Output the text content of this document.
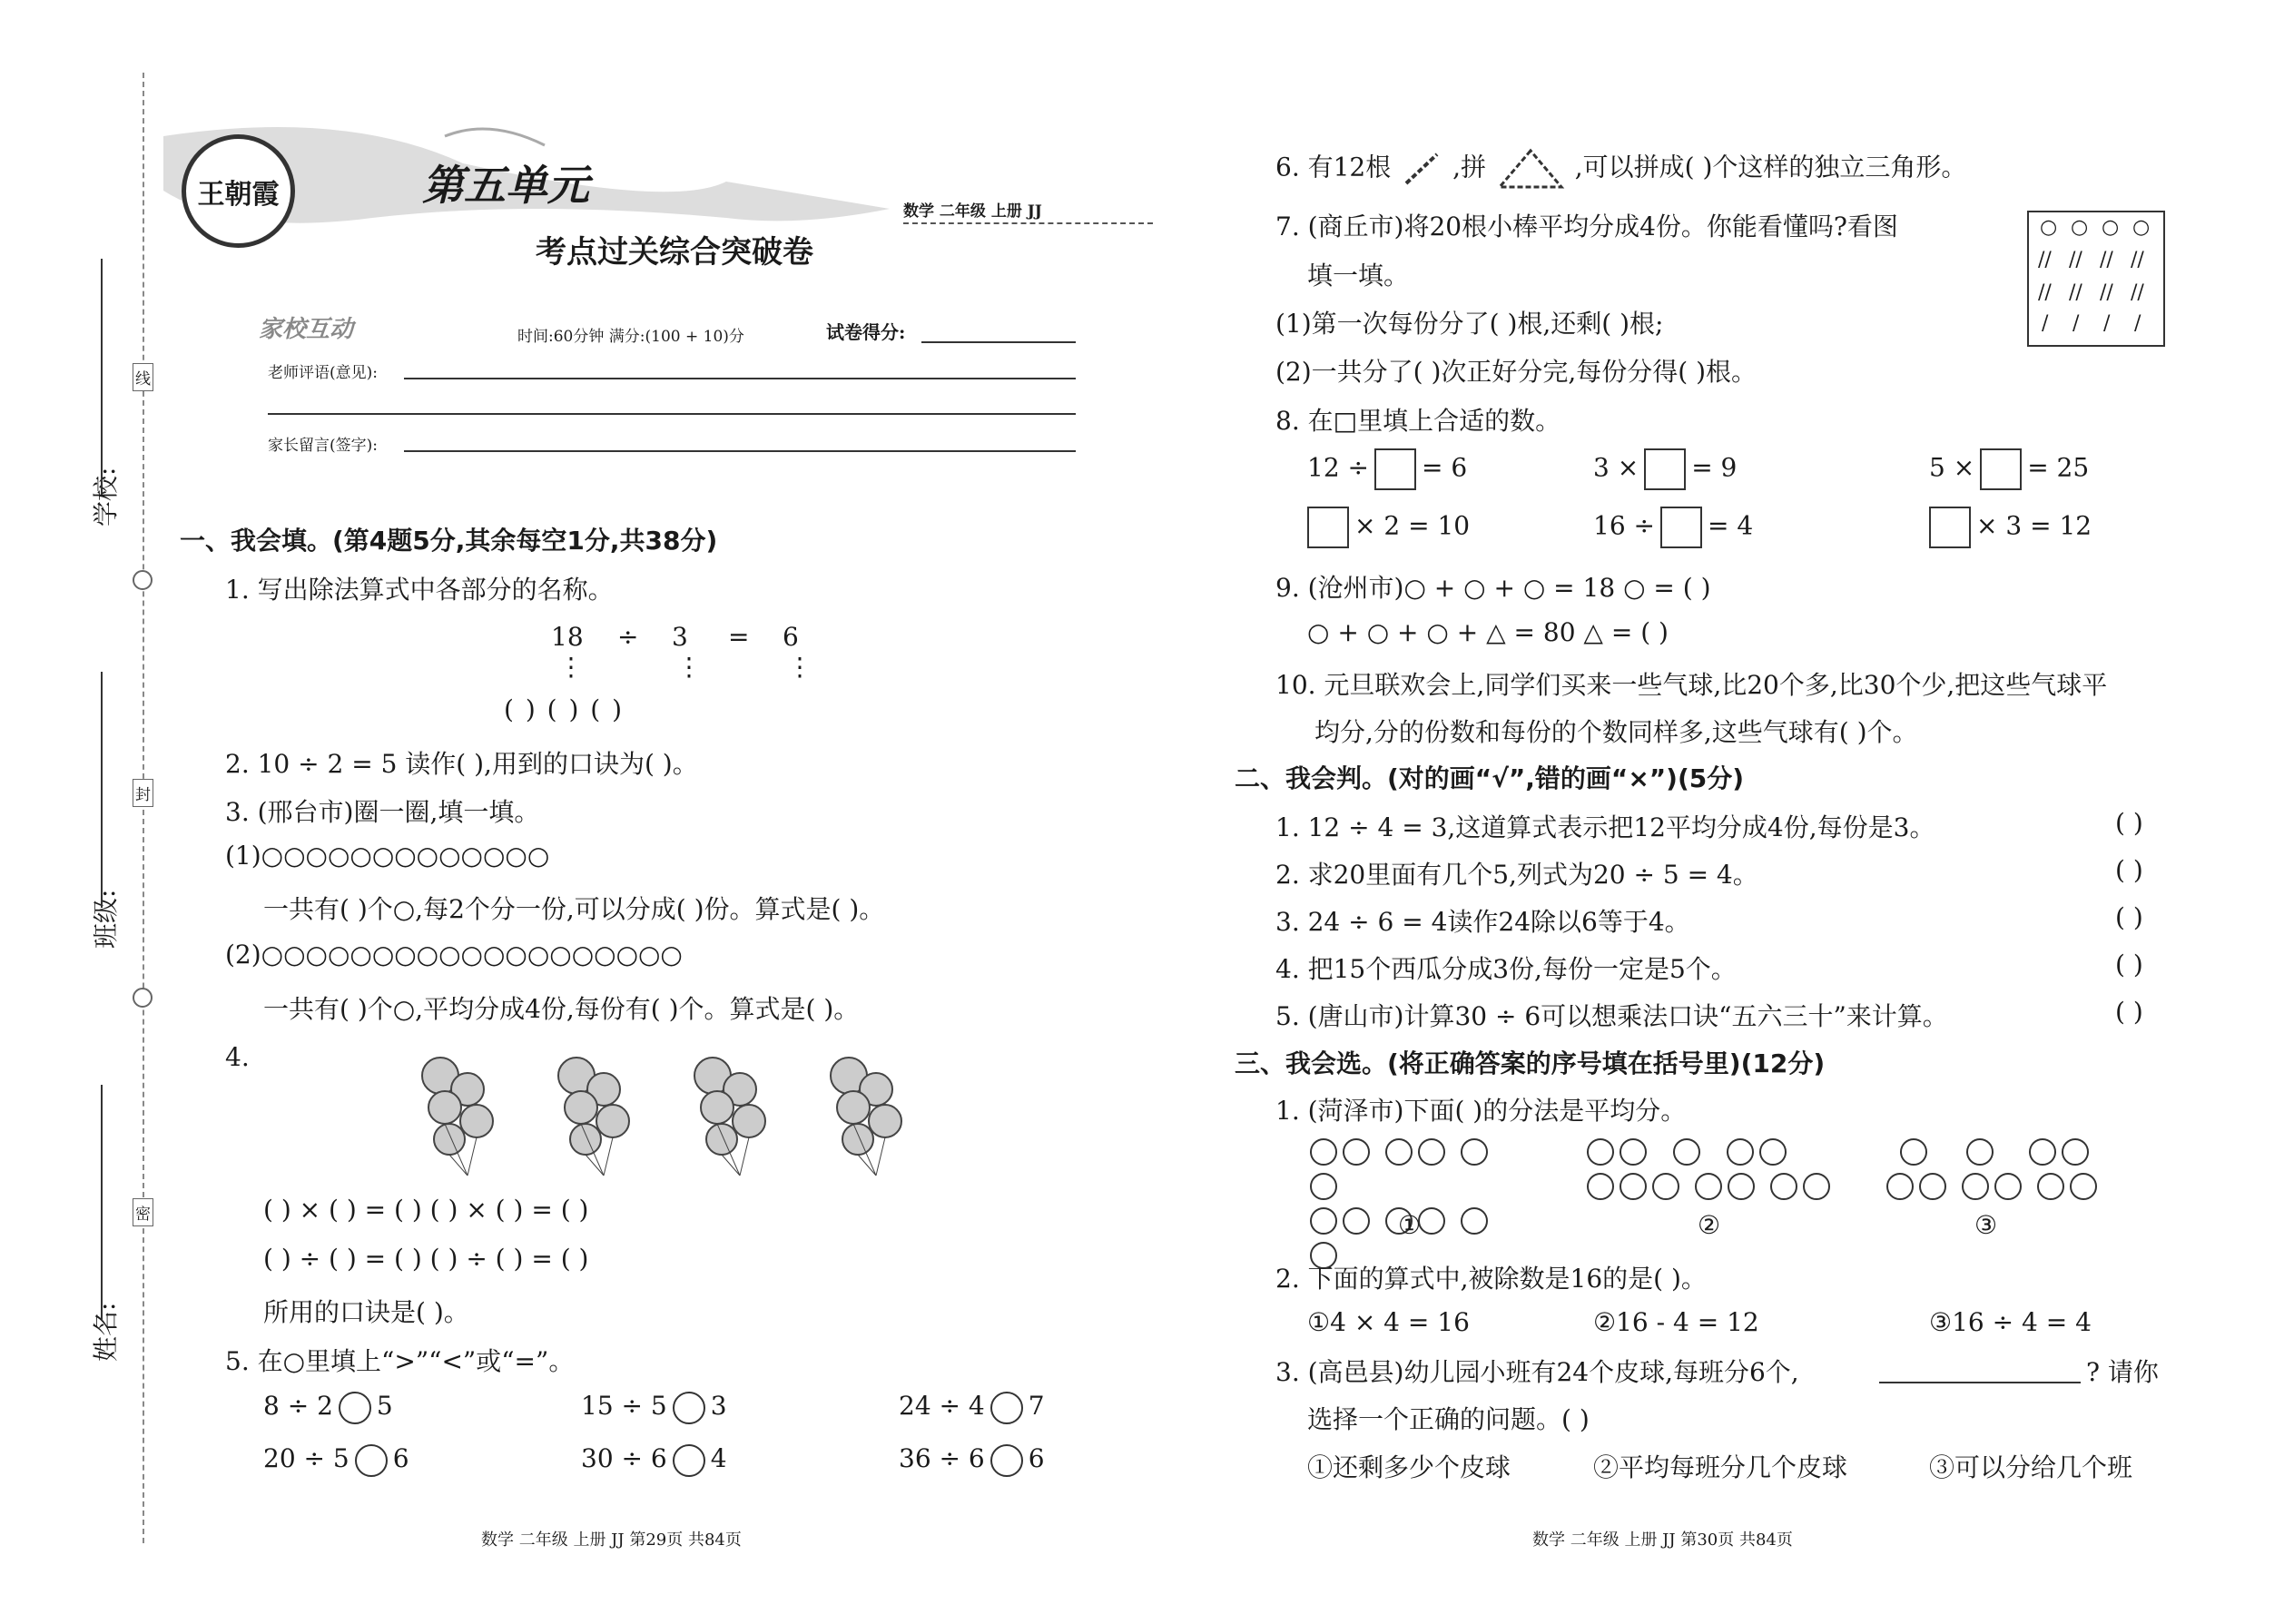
学校:
班级:
姓名:
线
封
密
王朝霞	第五单元
考点过关综合突破卷
数学 二年级 上册 JJ
家校互动	时间:60分钟 满分:(100 + 10)分	试卷得分:
老师评语(意见):
家长留言(签字):
一、我会填。(第4题5分,其余每空1分,共38分)
1. 写出除法算式中各部分的名称。
18 ÷ 3 = 6
⋮	⋮	⋮
( ) ( ) ( )
2. 10 ÷ 2 = 5 读作( ),用到的口诀为( )。
3. (邢台市)圈一圈,填一填。
(1)○○○○○○○○○○○○○
一共有( )个○,每2个分一份,可以分成( )份。算式是( )。
(2)○○○○○○○○○○○○○○○○○○○
一共有( )个○,平均分成4份,每份有( )个。算式是( )。
4.
( ) × ( ) = ( ) ( ) × ( ) = ( )
( ) ÷ ( ) = ( ) ( ) ÷ ( ) = ( )
所用的口诀是( )。
5. 在○里填上“>”“<”或“=”。
8 ÷ 2 5	15 ÷ 5 3	24 ÷ 4 7
20 ÷ 5 6	30 ÷ 6 4	36 ÷ 6 6
数学 二年级 上册 JJ 第29页 共84页
6. 有12根 ,拼	,可以拼成( )个这样的独立三角形。
7. (商丘市)将20根小棒平均分成4份。你能看懂吗?看图
填一填。
(1)第一次每份分了( )根,还剩( )根;
(2)一共分了( )次正好分完,每份分得( )根。
○ ○ ○ ○
// // // //
// // // //
/ / / /
8. 在□里填上合适的数。
12 ÷ = 6	3 × = 9	5 × = 25
× 2 = 10	16 ÷ = 4	× 3 = 12
9. (沧州市)○ + ○ + ○ = 18 ○ = ( )
○ + ○ + ○ + △ = 80 △ = ( )
10. 元旦联欢会上,同学们买来一些气球,比20个多,比30个少,把这些气球平
均分,分的份数和每份的个数同样多,这些气球有( )个。
二、我会判。(对的画“√”,错的画“×”)(5分)
1. 12 ÷ 4 = 3,这道算式表示把12平均分成4份,每份是3。
2. 求20里面有几个5,列式为20 ÷ 5 = 4。
3. 24 ÷ 6 = 4读作24除以6等于4。
4. 把15个西瓜分成3份,每份一定是5个。
5. (唐山市)计算30 ÷ 6可以想乘法口诀“五六三十”来计算。
( )
( )
( )
( )
( )
三、我会选。(将正确答案的序号填在括号里)(12分)
1. (菏泽市)下面( )的分法是平均分。

①	②	③
2. 下面的算式中,被除数是16的是( )。
①4 × 4 = 16	②16 - 4 = 12	③16 ÷ 4 = 4
3. (高邑县)幼儿园小班有24个皮球,每班分6个,	? 请你
选择一个正确的问题。( )
①还剩多少个皮球	②平均每班分几个皮球	③可以分给几个班
数学 二年级 上册 JJ 第30页 共84页
